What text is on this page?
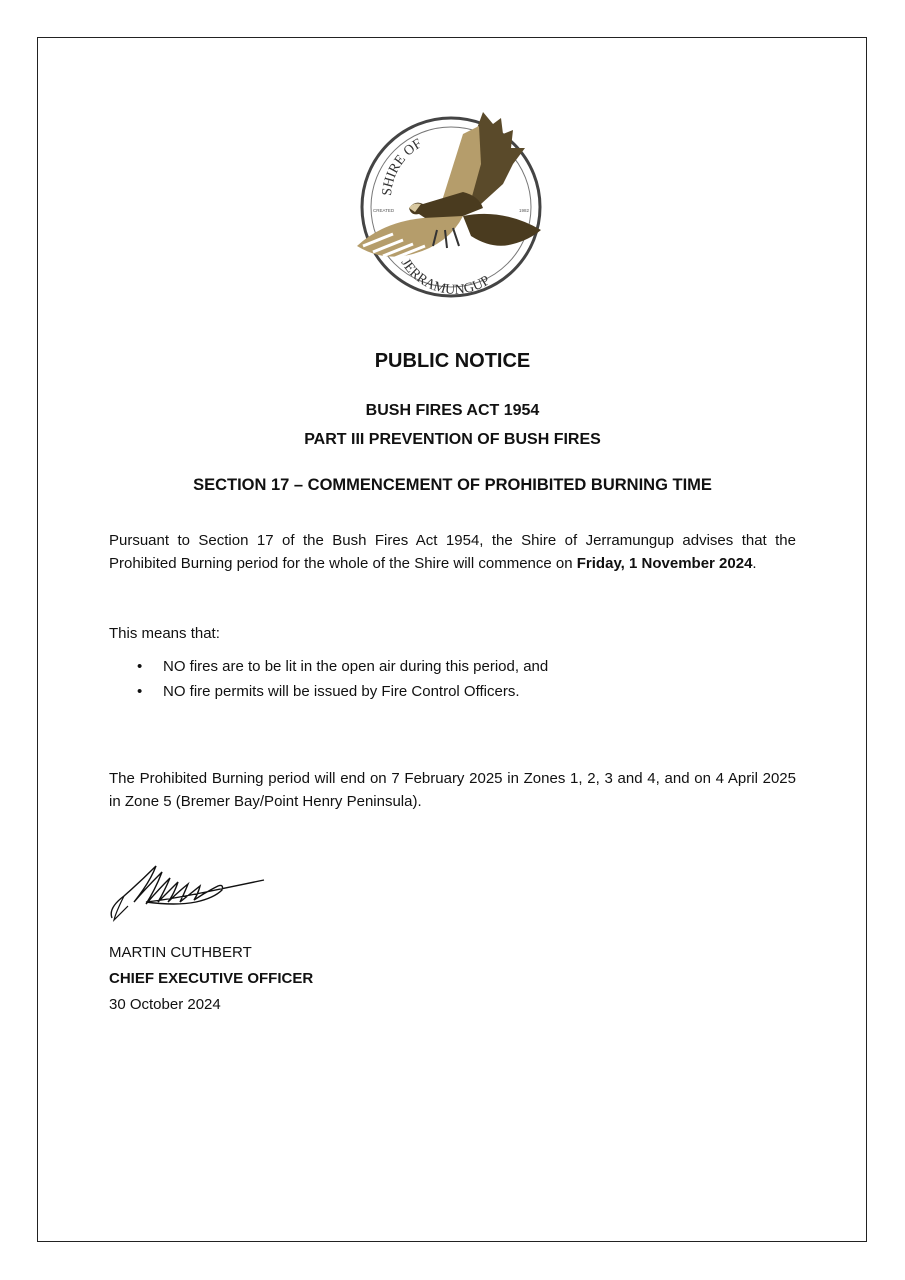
SHIRE OF
JERRAMUNGUP
CREATED	1982
PUBLIC NOTICE
BUSH FIRES ACT 1954
PART III PREVENTION OF BUSH FIRES
SECTION 17 – COMMENCEMENT OF PROHIBITED BURNING TIME
Pursuant to Section 17 of the Bush Fires Act 1954, the Shire of Jerramungup advises that the Prohibited Burning period for the whole of the Shire will commence on Friday, 1 November 2024.
This means that:
• NO fires are to be lit in the open air during this period, and
• NO fire permits will be issued by Fire Control Officers.
The Prohibited Burning period will end on 7 February 2025 in Zones 1, 2, 3 and 4, and on 4 April 2025 in Zone 5 (Bremer Bay/Point Henry Peninsula).
MARTIN CUTHBERT
CHIEF EXECUTIVE OFFICER
30 October 2024
